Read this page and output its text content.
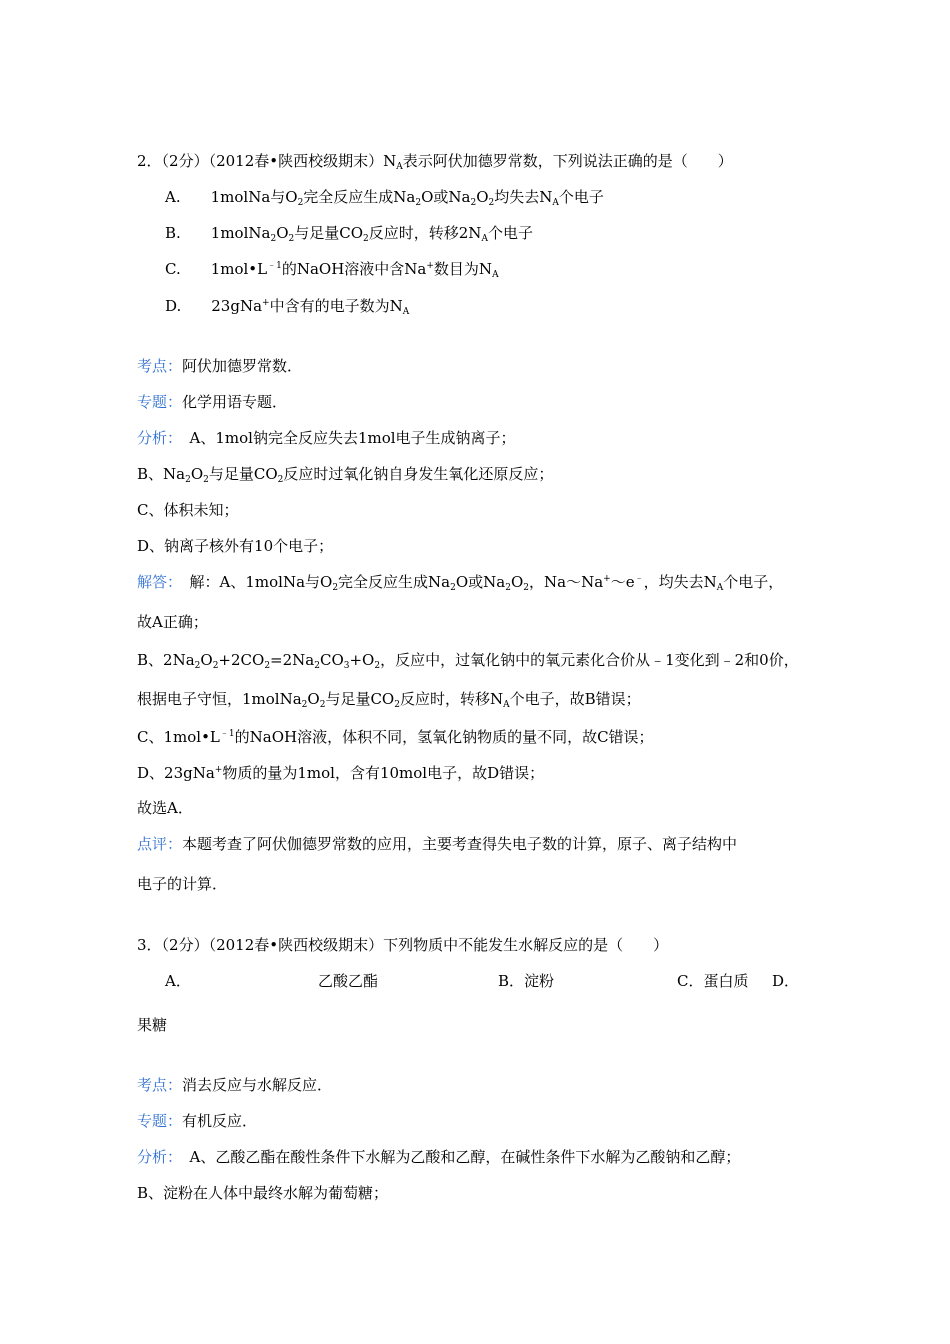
2．（2分）（2012春•陕西校级期末）$N_A$表示阿伏加德罗常数，下列说法正确的是（　　）
A.　　1molNa与$O_2$完全反应生成$Na_2O$或$Na_2O_2$均失去$N_A$个电子
B.　　$1molNa_2O_2$与足量$CO_2$反应时，转移$2N_A$个电子
C.　　$1mol•L^{﹣1}$的NaOH溶液中含Na+数目为$N_A$
D.　　23gNa+中含有的电子数为$N_A$
考点：阿伏加德罗常数．
专题：化学用语专题．
分析：　A、1mol钠完全反应失去1mol电子生成钠离子；
B、$Na_2O_2$与足量$CO_2$反应时过氧化钠自身发生氧化还原反应；
C、体积未知；
D、钠离子核外有10个电子；
解答：　解：A、1molNa与$O_2$完全反应生成$Na_2O$或$Na_2O_2$，Na～Na+～e﹣，均失去$N_A$个电子，
故A正确；
B、$2Na_2O_2+2CO_2=2Na_2CO_3+O_2$，反应中，过氧化钠中的氧元素化合价从﹣1变化到﹣2和0价，
根据电子守恒，$1molNa_2O_2$与足量$CO_2$反应时，转移$N_A$个电子，故B错误；
C、$1mol•L^{﹣1}$的NaOH溶液，体积不同，氢氧化钠物质的量不同，故C错误；
D、23gNa+物质的量为1mol，含有10mol电子，故D错误；
故选A．
点评：本题考查了阿伏伽德罗常数的应用，主要考查得失电子数的计算，原子、离子结构中
电子的计算．
3．（2分）（2012春•陕西校级期末）下列物质中不能发生水解反应的是（　　）
A．	乙酸乙酯	B．淀粉	C．蛋白质 D．
果糖
考点：消去反应与水解反应．
专题：有机反应．
分析：　A、乙酸乙酯在酸性条件下水解为乙酸和乙醇，在碱性条件下水解为乙酸钠和乙醇；
B、淀粉在人体中最终水解为葡萄糖；
